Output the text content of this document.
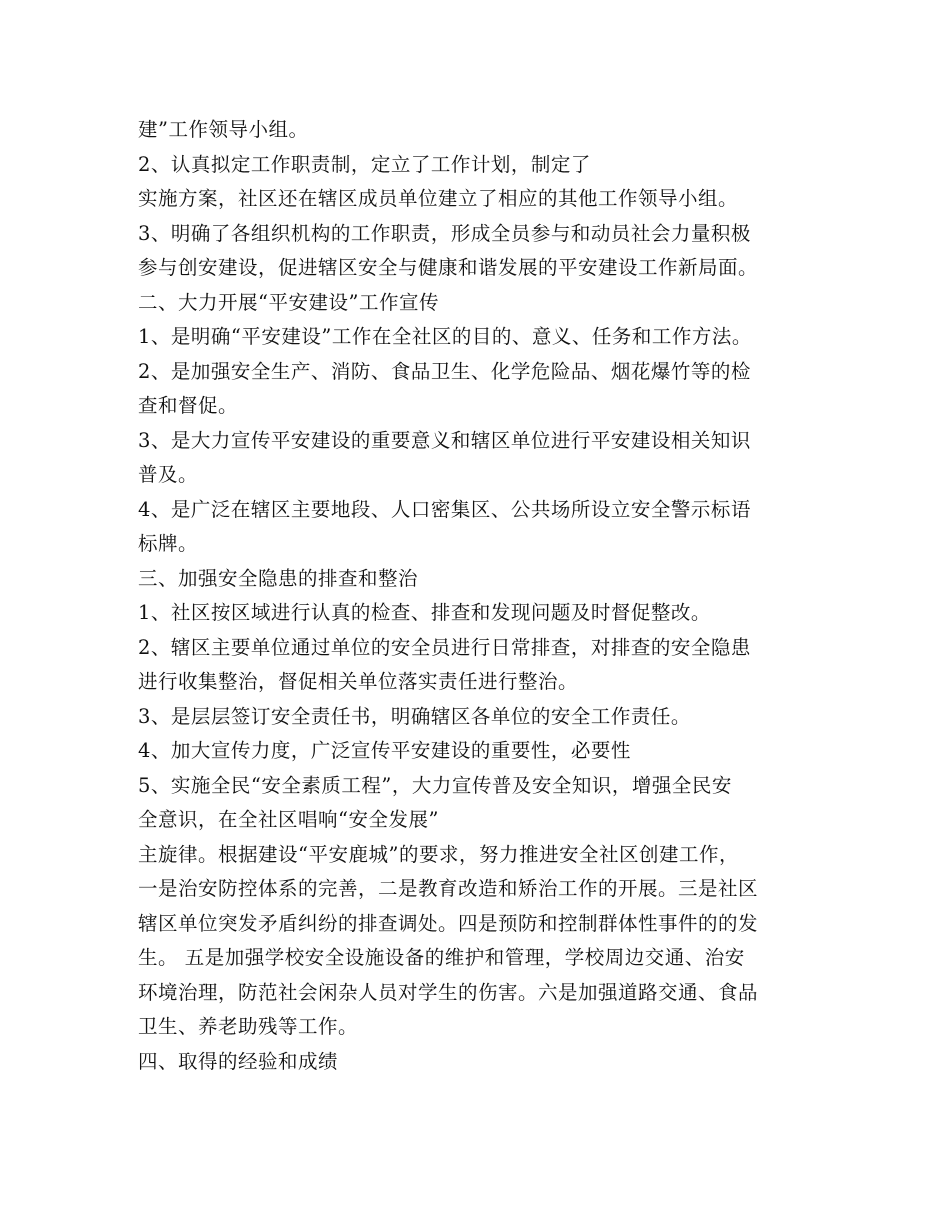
建”工作领导小组。
2、认真拟定工作职责制，定立了工作计划，制定了
实施方案，社区还在辖区成员单位建立了相应的其他工作领导小组。
3、明确了各组织机构的工作职责，形成全员参与和动员社会力量积极
参与创安建设，促进辖区安全与健康和谐发展的平安建设工作新局面。
二、大力开展“平安建设”工作宣传
1、是明确“平安建设”工作在全社区的目的、意义、任务和工作方法。
2、是加强安全生产、消防、食品卫生、化学危险品、烟花爆竹等的检
查和督促。
3、是大力宣传平安建设的重要意义和辖区单位进行平安建设相关知识
普及。
4、是广泛在辖区主要地段、人口密集区、公共场所设立安全警示标语
标牌。
三、加强安全隐患的排查和整治
1、社区按区域进行认真的检查、排查和发现问题及时督促整改。
2、辖区主要单位通过单位的安全员进行日常排查，对排查的安全隐患
进行收集整治，督促相关单位落实责任进行整治。
3、是层层签订安全责任书，明确辖区各单位的安全工作责任。
4、加大宣传力度，广泛宣传平安建设的重要性，必要性
5、实施全民“安全素质工程”，大力宣传普及安全知识，增强全民安
全意识，在全社区唱响“安全发展”
主旋律。根据建设“平安鹿城”的要求，努力推进安全社区创建工作，
一是治安防控体系的完善，二是教育改造和矫治工作的开展。三是社区
辖区单位突发矛盾纠纷的排查调处。四是预防和控制群体性事件的的发
生。 五是加强学校安全设施设备的维护和管理，学校周边交通、治安
环境治理，防范社会闲杂人员对学生的伤害。六是加强道路交通、食品
卫生、养老助残等工作。
四、取得的经验和成绩
